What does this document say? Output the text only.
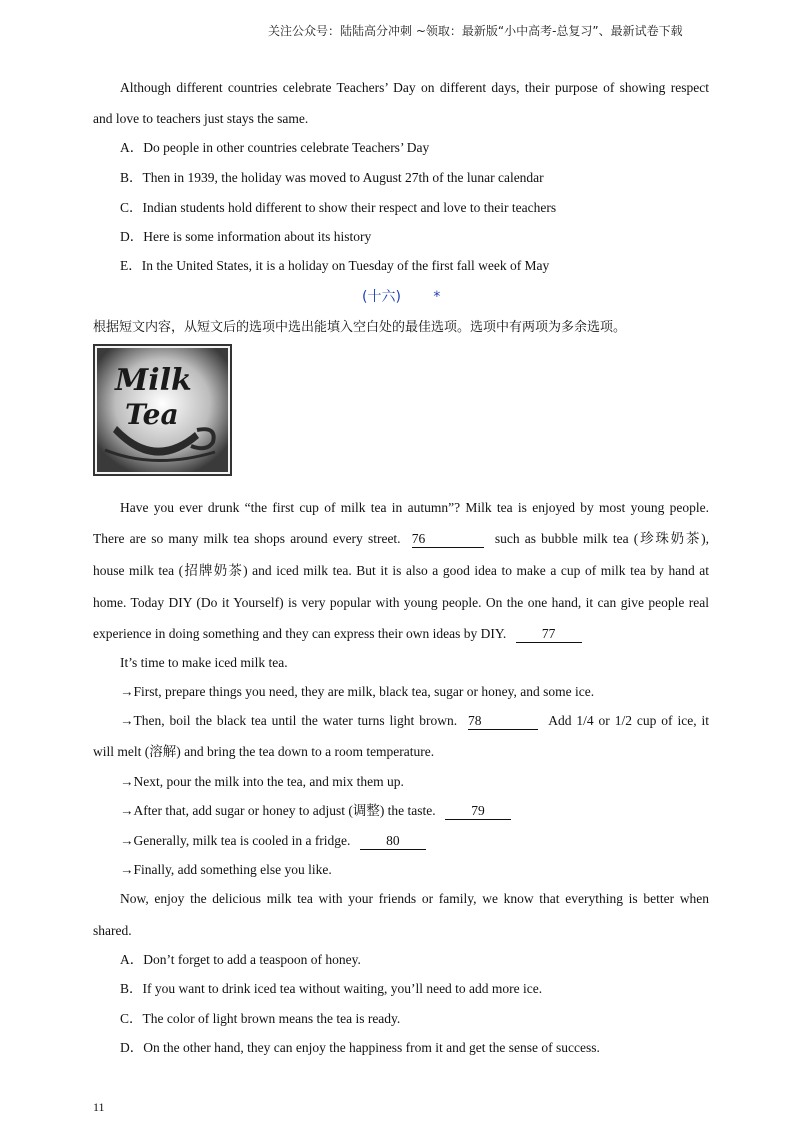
关注公众号：陆陆高分冲刺 ~领取：最新版“小中高考-总复习”、最新试卷下载
Although different countries celebrate Teachers’ Day on different days, their purpose of showing respect
and love to teachers just stays the same.
A．Do people in other countries celebrate Teachers’ Day
B．Then in 1939, the holiday was moved to August 27th of the lunar calendar
C．Indian students hold different to show their respect and love to their teachers
D．Here is some information about its history
E．In the United States, it is a holiday on Tuesday of the first fall week of May
(十六) *
根据短文内容，从短文后的选项中选出能填入空白处的最佳选项。选项中有两项为多余选项。
Milk
Tea
Have you ever drunk “the first cup of milk tea in autumn”? Milk tea is enjoyed by most young people.
There are so many milk tea shops around every street. 76	such as bubble milk tea (珍珠奶茶),
house milk tea (招牌奶茶) and iced milk tea. But it is also a good idea to make a cup of milk tea by hand at
home. Today DIY (Do it Yourself) is very popular with young people. On the one hand, it can give people real
experience in doing something and they can express their own ideas by DIY.	77
It’s time to make iced milk tea.
→First, prepare things you need, they are milk, black tea, sugar or honey, and some ice.
→Then, boil the black tea until the water turns light brown. 78	Add 1/4 or 1/2 cup of ice, it
will melt (溶解) and bring the tea down to a room temperature.
→Next, pour the milk into the tea, and mix them up.
→After that, add sugar or honey to adjust (调整) the taste.	79
→Generally, milk tea is cooled in a fridge.	80
→Finally, add something else you like.
Now, enjoy the delicious milk tea with your friends or family, we know that everything is better when
shared.
A．Don’t forget to add a teaspoon of honey.
B．If you want to drink iced tea without waiting, you’ll need to add more ice.
C．The color of light brown means the tea is ready.
D．On the other hand, they can enjoy the happiness from it and get the sense of success.
11
